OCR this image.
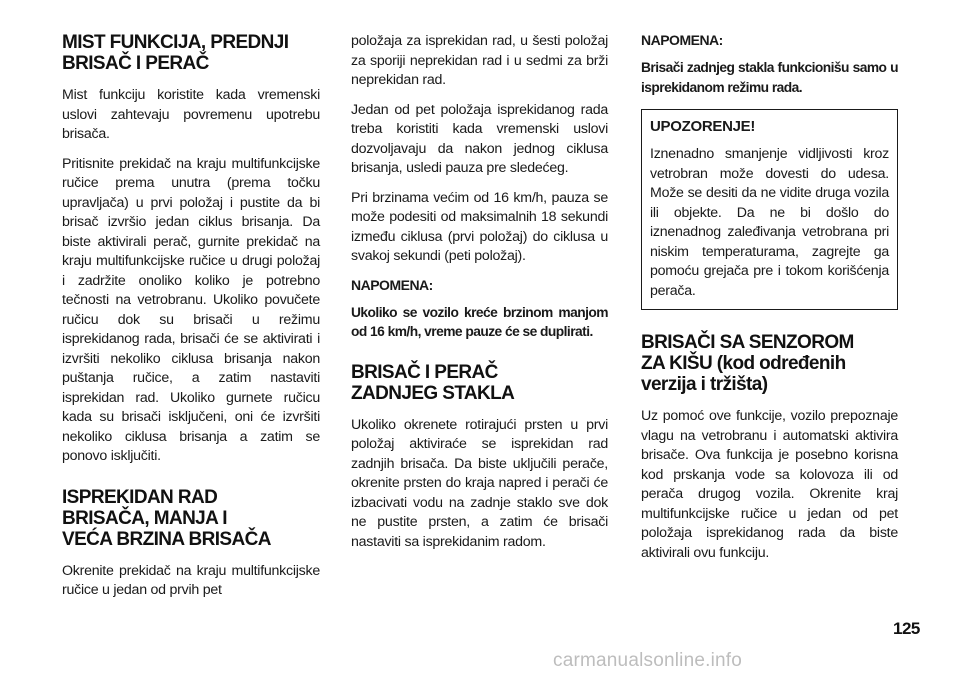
MIST FUNKCIJA, PREDNJI
BRISAČ I PERAČ

Mist funkciju koristite kada vremenski uslovi zahtevaju povremenu upotrebu brisača.

Pritisnite prekidač na kraju multifunkcijske ručice prema unutra (prema točku upravljača) u prvi položaj i pustite da bi brisač izvršio jedan ciklus brisanja. Da biste aktivirali perač, gurnite prekidač na kraju multifunkcijske ručice u drugi položaj i zadržite onoliko koliko je potrebno tečnosti na vetrobranu. Ukoliko povučete ručicu dok su brisači u režimu isprekidanog rada, brisači će se aktivirati i izvršiti nekoliko ciklusa brisanja nakon puštanja ručice, a zatim nastaviti isprekidan rad. Ukoliko gurnete ručicu kada su brisači isključeni, oni će izvršiti nekoliko ciklusa brisanja a zatim se ponovo isključiti.

ISPREKIDAN RAD
BRISAČA, MANJA I
VEĆA BRZINA BRISAČA

Okrenite prekidač na kraju multifunkcijske ručice u jedan od prvih pet

položaja za isprekidan rad, u šesti položaj za sporiji neprekidan rad i u sedmi za brži neprekidan rad.

Jedan od pet položaja isprekidanog rada treba koristiti kada vremenski uslovi dozvoljavaju da nakon jednog ciklusa brisanja, usledi pauza pre sledećeg.

Pri brzinama većim od 16 km/h, pauza se može podesiti od maksimalnih 18 sekundi između ciklusa (prvi položaj) do ciklusa u svakoj sekundi (peti položaj).

NAPOMENA:

Ukoliko se vozilo kreće brzinom manjom od 16 km/h, vreme pauze će se duplirati.

BRISAČ I PERAČ
ZADNJEG STAKLA

Ukoliko okrenete rotirajući prsten u prvi položaj aktiviraće se isprekidan rad zadnjih brisača. Da biste uključili perače, okrenite prsten do kraja napred i perači će izbacivati vodu na zadnje staklo sve dok ne pustite prsten, a zatim će brisači nastaviti sa isprekidanim radom.

NAPOMENA:

Brisači zadnjeg stakla funkcionišu samo u isprekidanom režimu rada.

UPOZORENJE!

Iznenadno smanjenje vidljivosti kroz vetrobran može dovesti do udesa. Može se desiti da ne vidite druga vozila ili objekte. Da ne bi došlo do iznenadnog zaleđivanja vetrobrana pri niskim temperaturama, zagrejte ga pomoću grejača pre i tokom korišćenja perača.

BRISAČI SA SENZOROM
ZA KIŠU (kod određenih
verzija i tržišta)

Uz pomoć ove funkcije, vozilo prepoznaje vlagu na vetrobranu i automatski aktivira brisače. Ova funkcija je posebno korisna kod prskanja vode sa kolovoza ili od perača drugog vozila. Okrenite kraj multifunkcijske ručice u jedan od pet položaja isprekidanog rada da biste aktivirali ovu funkciju.

125
carmanualsonline.info
